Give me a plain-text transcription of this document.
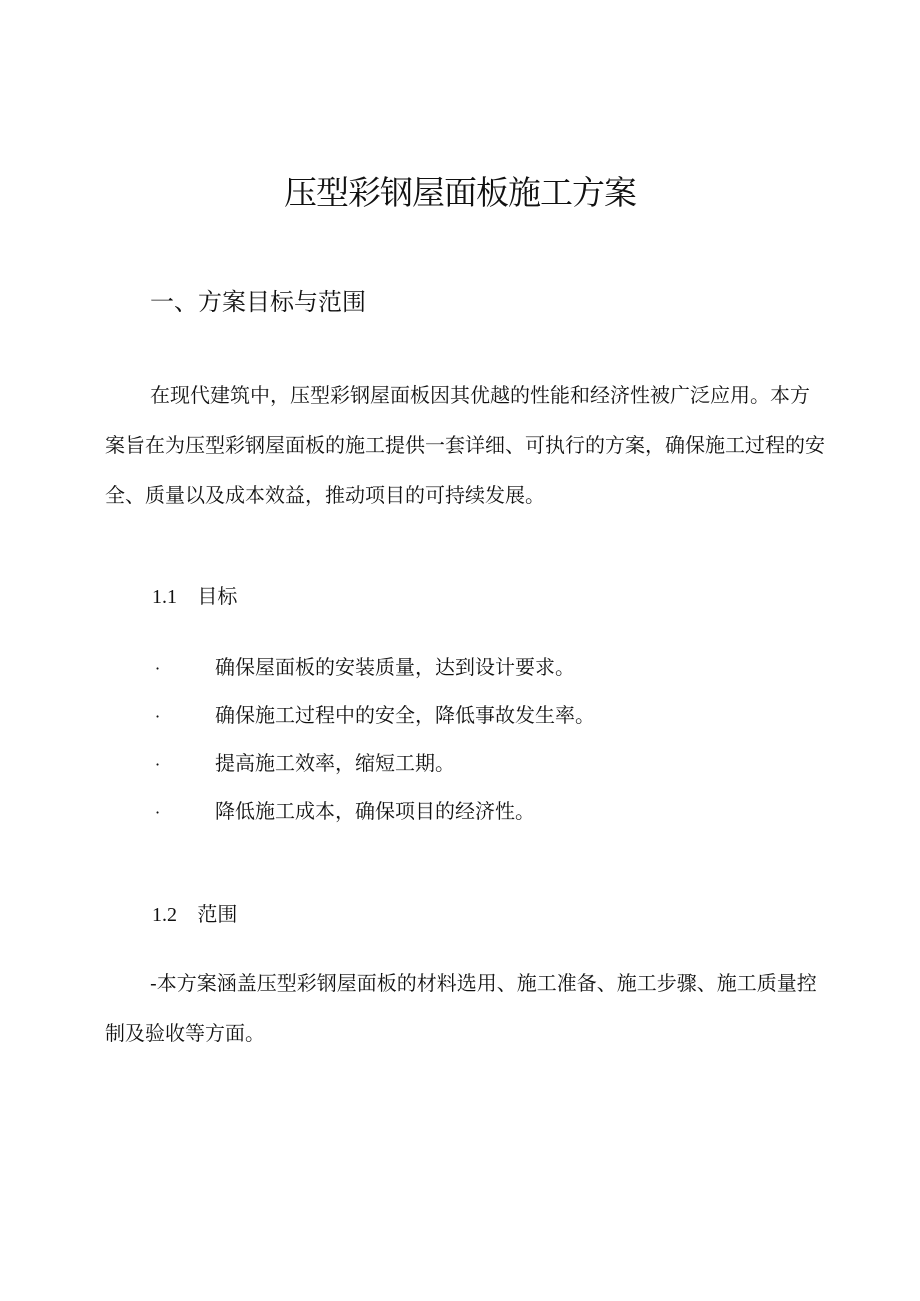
压型彩钢屋面板施工方案
一、方案目标与范围

在现代建筑中，压型彩钢屋面板因其优越的性能和经济性被广泛应用。本方案旨在为压型彩钢屋面板的施工提供一套详细、可执行的方案，确保施工过程的安全、质量以及成本效益，推动项目的可持续发展。

1.1 目标
·	确保屋面板的安装质量，达到设计要求。
·	确保施工过程中的安全，降低事故发生率。
·	提高施工效率，缩短工期。
·	降低施工成本，确保项目的经济性。
1.2 范围

-本方案涵盖压型彩钢屋面板的材料选用、施工准备、施工步骤、施工质量控制及验收等方面。
